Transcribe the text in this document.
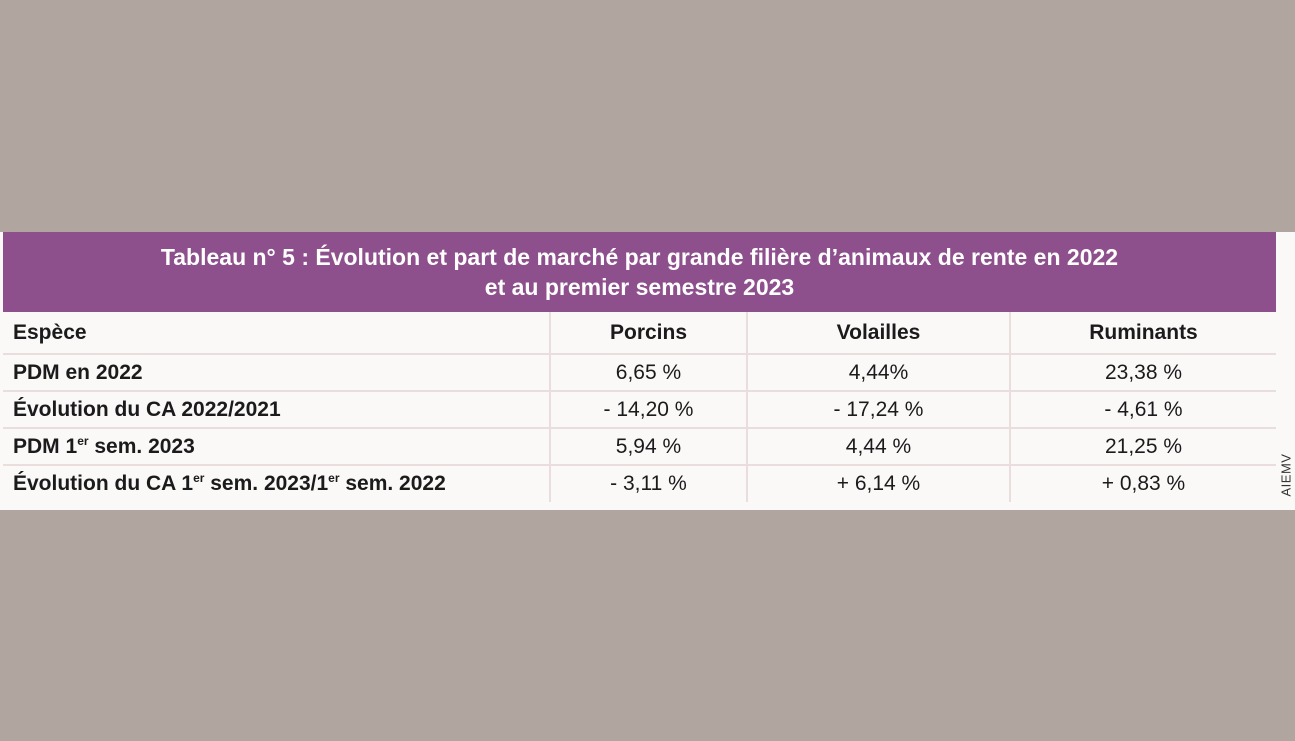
Tableau n° 5 : Évolution et part de marché par grande filière d’animaux de rente en 2022
et au premier semestre 2023
Espèce	Porcins	Volailles	Ruminants
PDM en 2022	6,65 %	4,44%	23,38 %
Évolution du CA 2022/2021	- 14,20 %	- 17,24 %	- 4,61 %
PDM 1er sem. 2023	5,94 %	4,44 %	21,25 %
Évolution du CA 1er sem. 2023/1er sem. 2022	- 3,11 %	+ 6,14 %	+ 0,83 %	AIEMV
